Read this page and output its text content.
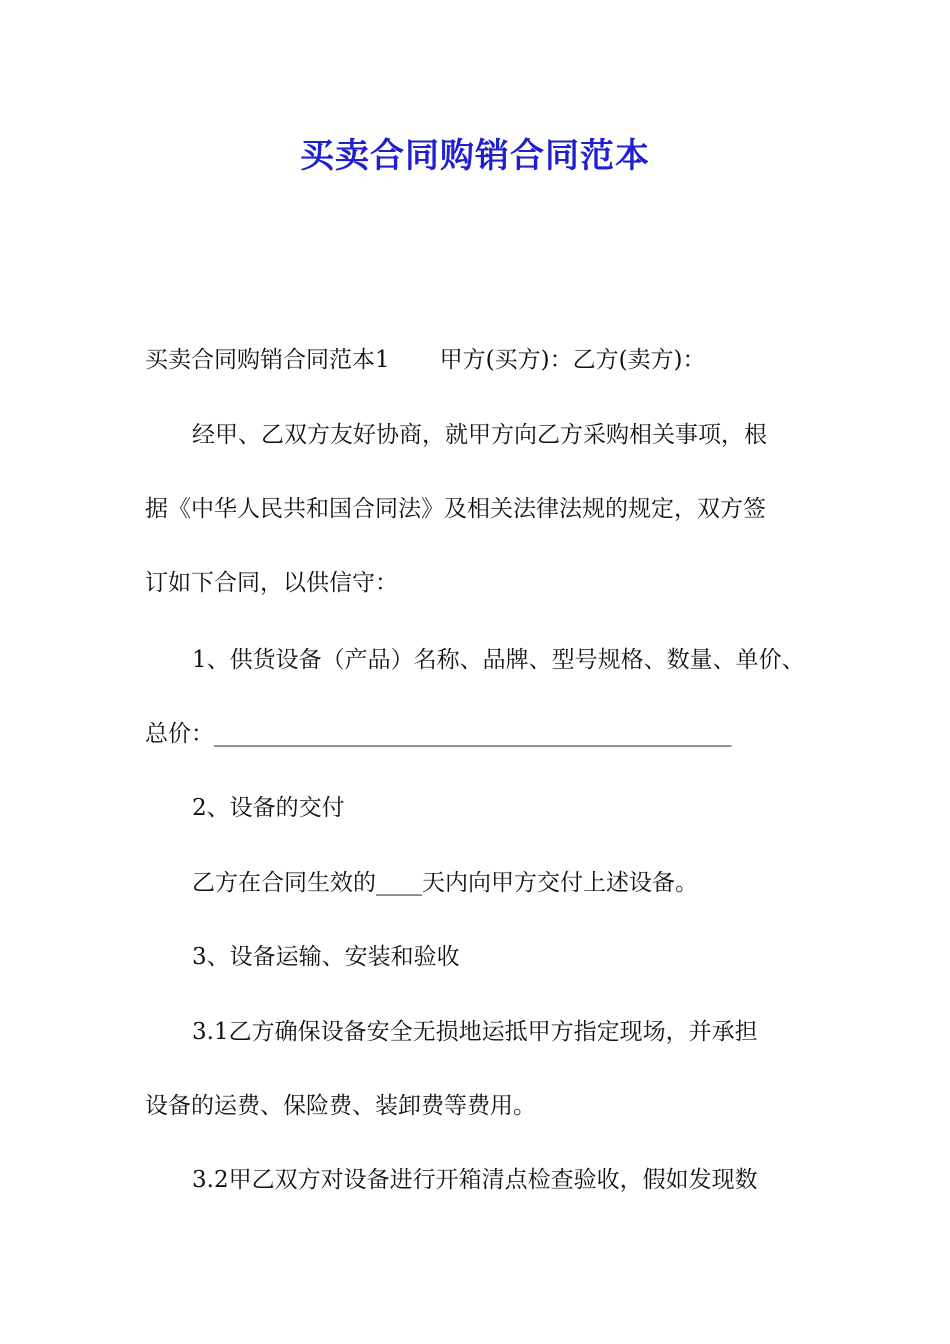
买卖合同购销合同范本
买卖合同购销合同范本1 甲方(买方)：乙方(卖方)：
经甲、乙双方友好协商，就甲方向乙方采购相关事项，根
据《中华人民共和国合同法》及相关法律法规的规定，双方签
订如下合同，以供信守：
1、供货设备（产品）名称、品牌、型号规格、数量、单价、
总价：_____________________________________________
2、设备的交付
乙方在合同生效的____天内向甲方交付上述设备。
3、设备运输、安装和验收
3.1乙方确保设备安全无损地运抵甲方指定现场，并承担
设备的运费、保险费、装卸费等费用。
3.2甲乙双方对设备进行开箱清点检查验收，假如发现数
